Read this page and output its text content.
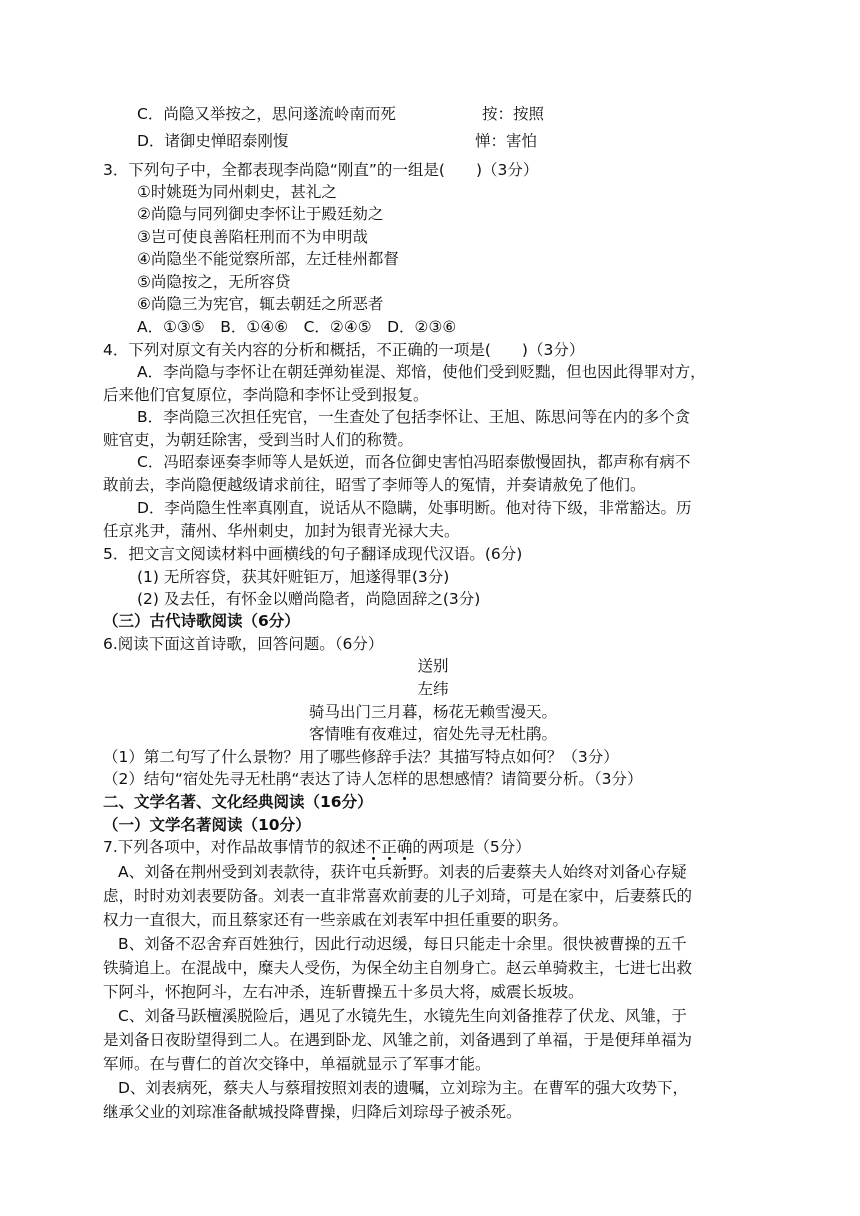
C．尚隐又举按之，思问遂流岭南而死	按：按照
D．诸御史惮昭泰刚愎	惮：害怕
3．下列句子中，全都表现李尚隐“刚直”的一组是(　　)（3分）
①时姚珽为同州刺史，甚礼之
②尚隐与同列御史李怀让于殿廷劾之
③岂可使良善陷枉刑而不为申明哉
④尚隐坐不能觉察所部，左迁桂州都督
⑤尚隐按之，无所容贷
⑥尚隐三为宪官，辄去朝廷之所恶者
A．①③⑤　B．①④⑥　C．②④⑤　D．②③⑥
4．下列对原文有关内容的分析和概括，不正确的一项是(　　)（3分）
A．李尚隐与李怀让在朝廷弹劾崔湜、郑愔，使他们受到贬黜，但也因此得罪对方，
后来他们官复原位，李尚隐和李怀让受到报复。
B．李尚隐三次担任宪官，一生查处了包括李怀让、王旭、陈思问等在内的多个贪
赃官吏，为朝廷除害，受到当时人们的称赞。
C．冯昭泰诬奏李师等人是妖逆，而各位御史害怕冯昭泰傲慢固执，都声称有病不
敢前去，李尚隐便越级请求前往，昭雪了李师等人的冤情，并奏请赦免了他们。
D．李尚隐生性率真刚直，说话从不隐瞒，处事明断。他对待下级，非常豁达。历
任京兆尹，蒲州、华州刺史，加封为银青光禄大夫。
5．把文言文阅读材料中画横线的句子翻译成现代汉语。(6分)
(1) 无所容贷，获其奸赃钜万，旭遂得罪(3分)
(2) 及去任，有怀金以赠尚隐者，尚隐固辞之(3分)
（三）古代诗歌阅读（6分）
6.阅读下面这首诗歌，回答问题。（6分）
送别
左纬
骑马出门三月暮，杨花无赖雪漫天。
客情唯有夜难过，宿处先寻无杜鹃。
（1）第二句写了什么景物？用了哪些修辞手法？其描写特点如何？（3分）
（2）结句“宿处先寻无杜鹃“表达了诗人怎样的思想感情？请简要分析。（3分）
二、文学名著、文化经典阅读（16分）
（一）文学名著阅读（10分）
7.下列各项中，对作品故事情节的叙述不正确的两项是（5分）
A、刘备在荆州受到刘表款待，获许屯兵新野。刘表的后妻蔡夫人始终对刘备心存疑
虑，时时劝刘表要防备。刘表一直非常喜欢前妻的儿子刘琦，可是在家中，后妻蔡氏的
权力一直很大，而且蔡家还有一些亲戚在刘表军中担任重要的职务。
B、刘备不忍舍弃百姓独行，因此行动迟缓，每日只能走十余里。很快被曹操的五千
铁骑追上。在混战中，糜夫人受伤，为保全幼主自刎身亡。赵云单骑救主，七进七出救
下阿斗，怀抱阿斗，左右冲杀，连斩曹操五十多员大将，威震长坂坡。
C、刘备马跃檀溪脱险后，遇见了水镜先生，水镜先生向刘备推荐了伏龙、风雏，于
是刘备日夜盼望得到二人。在遇到卧龙、风雏之前，刘备遇到了单福，于是便拜单福为
军师。在与曹仁的首次交锋中，单福就显示了军事才能。
D、刘表病死，蔡夫人与蔡瑁按照刘表的遗嘱，立刘琮为主。在曹军的强大攻势下，
继承父业的刘琮准备献城投降曹操，归降后刘琮母子被杀死。
